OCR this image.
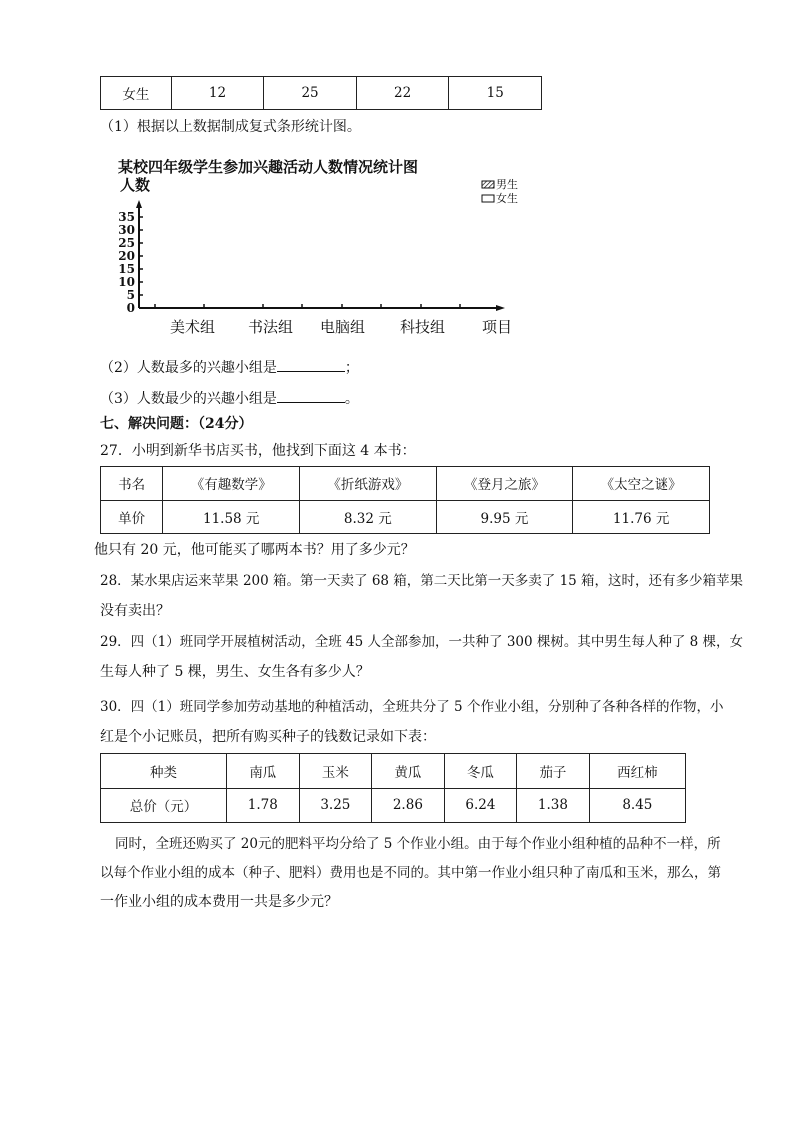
女生	12	25	22	15
（1）根据以上数据制成复式条形统计图。
某校四年级学生参加兴趣活动人数情况统计图
人数	男生
女生
0
5
10
15
20
25
30
35
美术组 书法组 电脑组 科技组 项目
（2）人数最多的兴趣小组是	；
（3）人数最少的兴趣小组是	。
七、解决问题：（24分）
27．小明到新华书店买书，他找到下面这 4 本书：
书名	《有趣数学》	《折纸游戏》	《登月之旅》	《太空之谜》
单价	11.58 元	8.32 元	9.95 元	11.76 元
他只有 20 元，他可能买了哪两本书？用了多少元？
28．某水果店运来苹果 200 箱。第一天卖了 68 箱，第二天比第一天多卖了 15 箱，这时，还有多少箱苹果
没有卖出？
29．四（1）班同学开展植树活动，全班 45 人全部参加，一共种了 300 棵树。其中男生每人种了 8 棵，女
生每人种了 5 棵，男生、女生各有多少人？
30．四（1）班同学参加劳动基地的种植活动，全班共分了 5 个作业小组，分别种了各种各样的作物，小
红是个小记账员，把所有购买种子的钱数记录如下表：
种类	南瓜	玉米	黄瓜	冬瓜	茄子	西红柿
总价（元）	1.78	3.25	2.86	6.24	1.38	8.45
同时，全班还购买了 20元的肥料平均分给了 5 个作业小组。由于每个作业小组种植的品种不一样，所
以每个作业小组的成本（种子、肥料）费用也是不同的。其中第一作业小组只种了南瓜和玉米，那么，第
一作业小组的成本费用一共是多少元？
